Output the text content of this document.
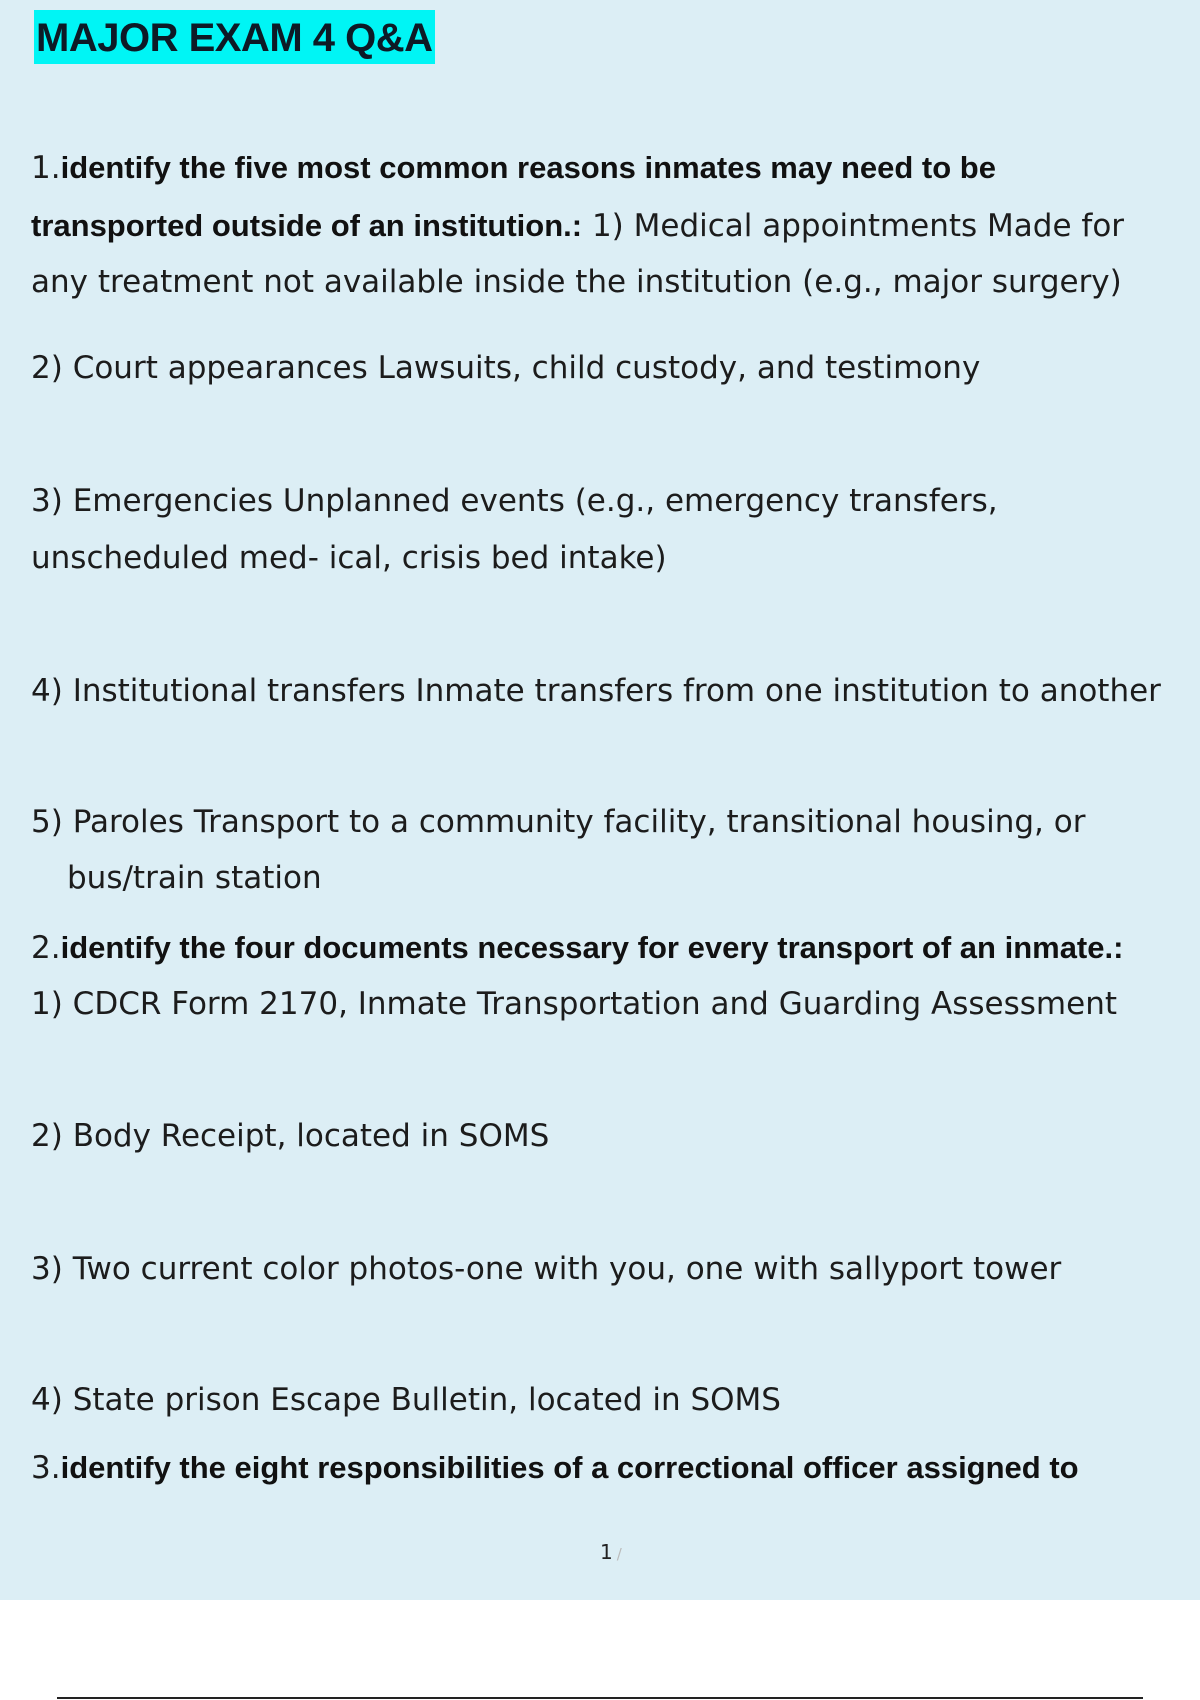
MAJOR EXAM 4 Q&A
1.identify the five most common reasons inmates may need to be
transported outside of an institution.: 1) Medical appointments Made for
any treatment not available inside the institution (e.g., major surgery)
2) Court appearances Lawsuits, child custody, and testimony
3) Emergencies Unplanned events (e.g., emergency transfers,
unscheduled med- ical, crisis bed intake)
4) Institutional transfers Inmate transfers from one institution to another
5) Paroles Transport to a community facility, transitional housing, or
bus/train station
2.identify the four documents necessary for every transport of an inmate.:
1) CDCR Form 2170, Inmate Transportation and Guarding Assessment
2) Body Receipt, located in SOMS
3) Two current color photos-one with you, one with sallyport tower
4) State prison Escape Bulletin, located in SOMS
3.identify the eight responsibilities of a correctional officer assigned to
1 /
